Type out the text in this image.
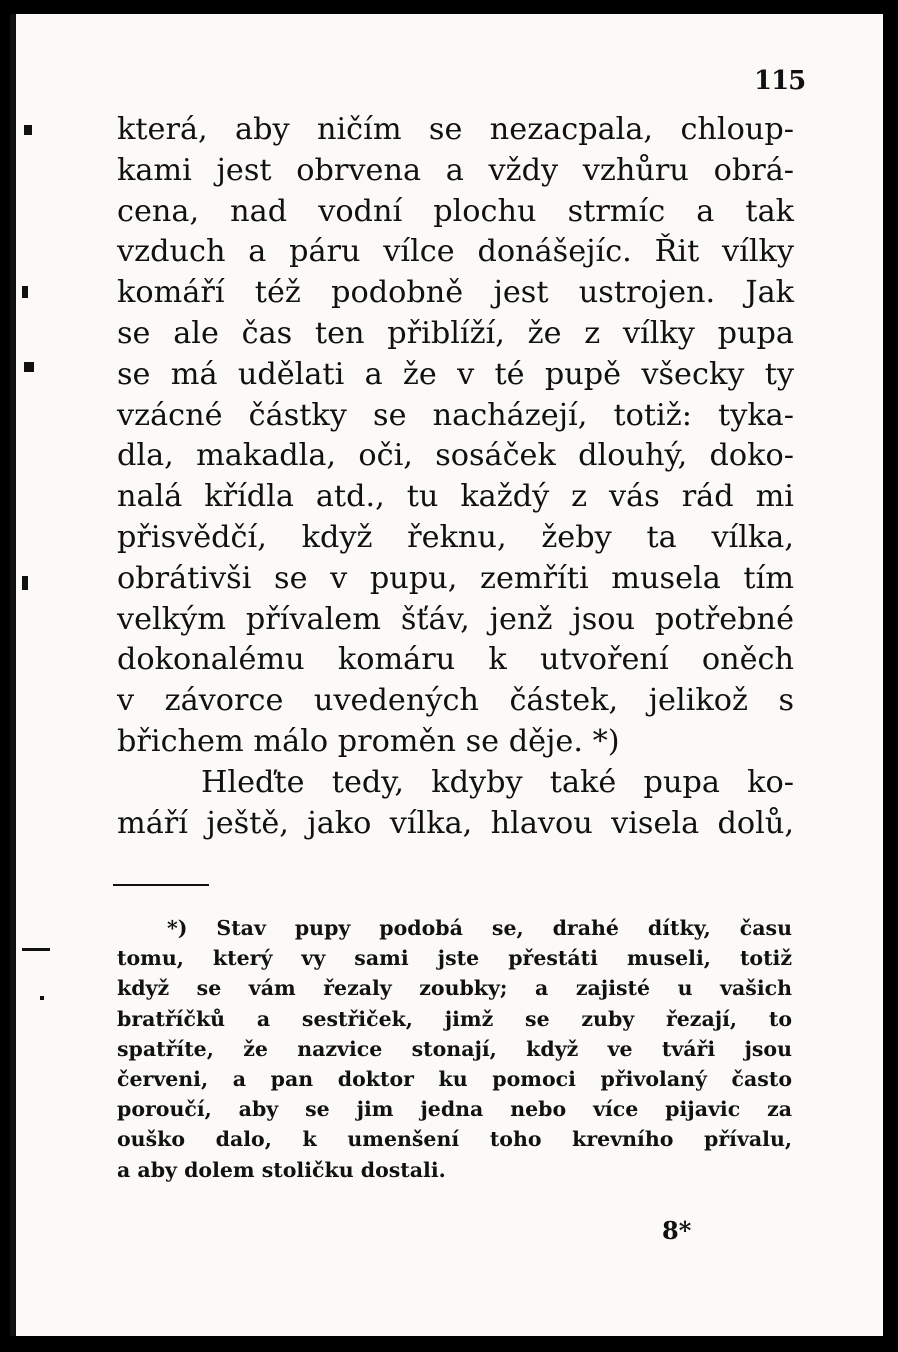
115
která, aby ničím se nezacpala, chloup-
kami jest obrvena a vždy vzhůru obrá-
cena, nad vodní plochu strmíc a tak
vzduch a páru vílce donášejíc. Řit vílky
komáří též podobně jest ustrojen. Jak
se ale čas ten přiblíží, že z vílky pupa
se má udělati a že v té pupě všecky ty
vzácné částky se nacházejí, totiž: tyka-
dla, makadla, oči, sosáček dlouhý, doko-
nalá křídla atd., tu každý z vás rád mi
přisvědčí, když řeknu, žeby ta vílka,
obrátivši se v pupu, zemříti musela tím
velkým přívalem šťáv, jenž jsou potřebné
dokonalému komáru k utvoření oněch
v závorce uvedených částek, jelikož s
břichem málo proměn se děje. *)
Hleďte tedy, kdyby také pupa ko-
máří ještě, jako vílka, hlavou visela dolů,
*) Stav pupy podobá se, drahé dítky, času
tomu, který vy sami jste přestáti museli, totiž
když se vám řezaly zoubky; a zajisté u vašich
bratříčků a sestřiček, jimž se zuby řezají, to
spatříte, že nazvice stonají, když ve tváři jsou
červeni, a pan doktor ku pomoci přivolaný často
poroučí, aby se jim jedna nebo více pijavic za
ouško dalo, k umenšení toho krevního přívalu,
a aby dolem stoličku dostali.
8*
